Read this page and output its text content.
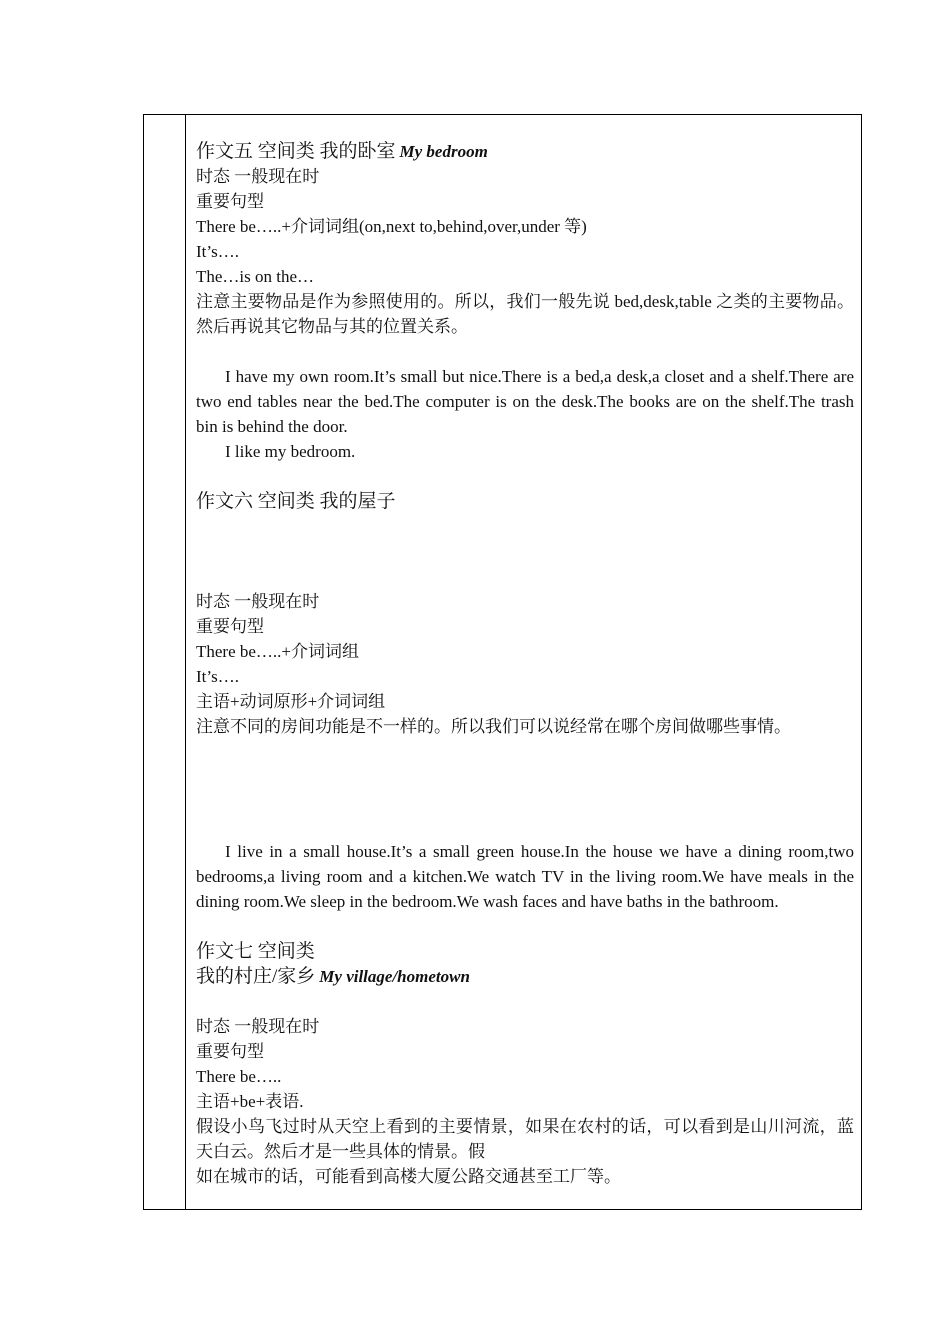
作文五 空间类 我的卧室 My bedroom
时态 一般现在时
重要句型
There be…..+介词词组(on,next to,behind,over,under 等)
It’s….
The…is on the…

注意主要物品是作为参照使用的。所以，我们一般先说 bed,desk,table 之类的主要物品。然后再说其它物品与其的位置关系。

I have my own room.It’s small but nice.There is a bed,a desk,a closet and a shelf.There are two end tables near the bed.The computer is on the desk.The books are on the shelf.The trash bin is behind the door.

I like my bedroom.
作文六 空间类 我的屋子
时态 一般现在时
重要句型
There be…..+介词词组
It’s….
主语+动词原形+介词词组
注意不同的房间功能是不一样的。所以我们可以说经常在哪个房间做哪些事情。

I live in a small house.It’s a small green house.In the house we have a dining room,two bedrooms,a living room and a kitchen.We watch TV in the living room.We have meals in the dining room.We sleep in the bedroom.We wash faces and have baths in the bathroom.

作文七 空间类
我的村庄/家乡 My village/hometown
时态 一般现在时
重要句型
There be…..
主语+be+表语.

假设小鸟飞过时从天空上看到的主要情景，如果在农村的话，可以看到是山川河流，蓝天白云。然后才是一些具体的情景。假

如在城市的话，可能看到高楼大厦公路交通甚至工厂等。
